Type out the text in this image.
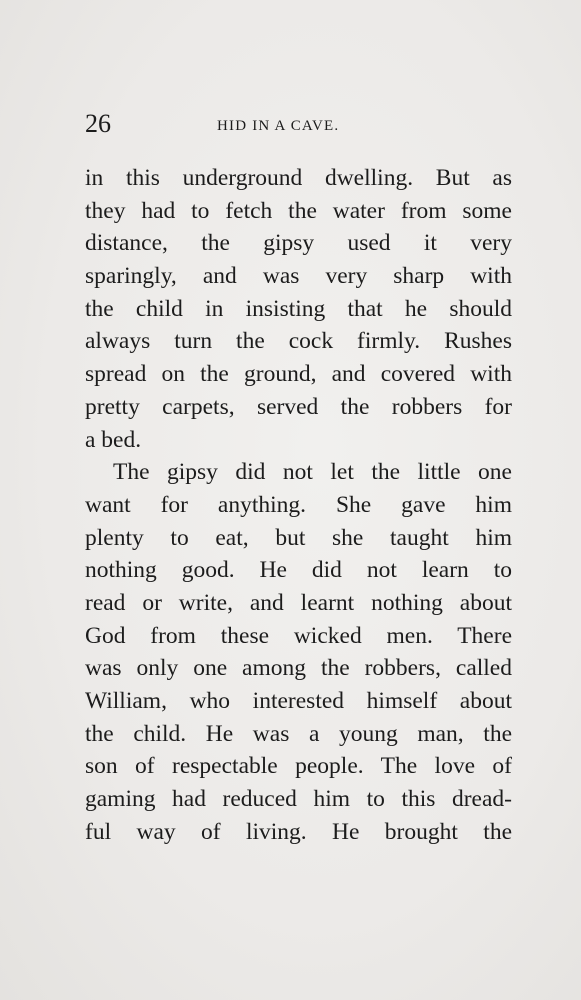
26	HID IN A CAVE.
in this underground dwelling. But as
they had to fetch the water from some
distance, the gipsy used it very
sparingly, and was very sharp with
the child in insisting that he should
always turn the cock firmly. Rushes
spread on the ground, and covered with
pretty carpets, served the robbers for
a bed.
The gipsy did not let the little one
want for anything. She gave him
plenty to eat, but she taught him
nothing good. He did not learn to
read or write, and learnt nothing about
God from these wicked men. There
was only one among the robbers, called
William, who interested himself about
the child. He was a young man, the
son of respectable people. The love of
gaming had reduced him to this dread-
ful way of living. He brought the
